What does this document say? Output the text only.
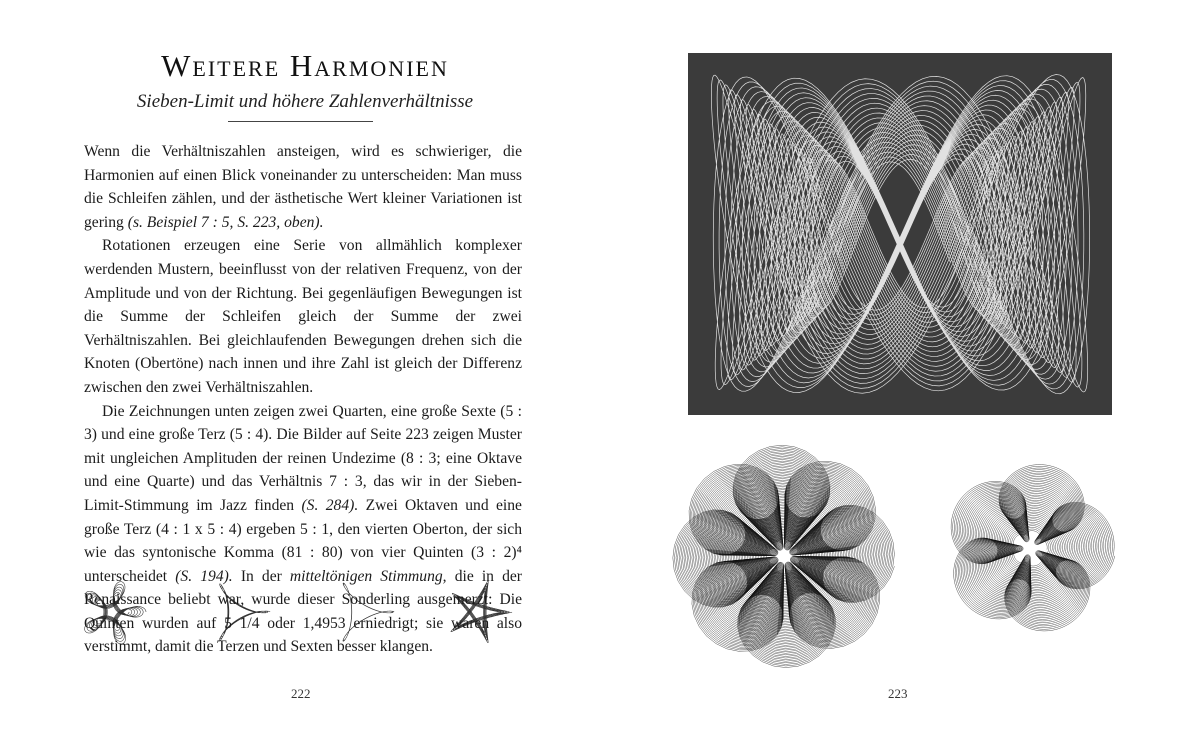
Weitere Harmonien
Sieben-Limit und höhere Zahlenverhältnisse

Wenn die Verhältniszahlen ansteigen, wird es schwieriger, die Harmonien auf einen Blick voneinander zu unterscheiden: Man muss die Schleifen zählen, und der ästhetische Wert kleiner Variationen ist gering (s. Beispiel 7 : 5, S. 223, oben).

Rotationen erzeugen eine Serie von allmählich komplexer werdenden Mustern, beeinflusst von der relativen Frequenz, von der Amplitude und von der Richtung. Bei gegenläufigen Bewegungen ist die Summe der Schleifen gleich der Summe der zwei Verhältniszahlen. Bei gleichlaufenden Bewegungen drehen sich die Knoten (Obertöne) nach innen und ihre Zahl ist gleich der Differenz zwischen den zwei Verhältniszahlen.

Die Zeichnungen unten zeigen zwei Quarten, eine große Sexte (5 : 3) und eine große Terz (5 : 4). Die Bilder auf Seite 223 zeigen Muster mit ungleichen Amplituden der reinen Undezime (8 : 3; eine Oktave und eine Quarte) und das Verhältnis 7 : 3, das wir in der Sieben-Limit-Stimmung im Jazz finden (S. 284). Zwei Oktaven und eine große Terz (4 : 1 x 5 : 4) ergeben 5 : 1, den vierten Oberton, der sich wie das syntonische Komma (81 : 80) von vier Quinten (3 : 2)⁴ unterscheidet (S. 194). In der mitteltönigen Stimmung, die in der Renaissance beliebt war, wurde dieser Sonderling ausgemerzt: Die Quinten wurden auf 5 1/4 oder 1,4953 erniedrigt; sie waren also verstimmt, damit die Terzen und Sexten besser klangen.

222	223
